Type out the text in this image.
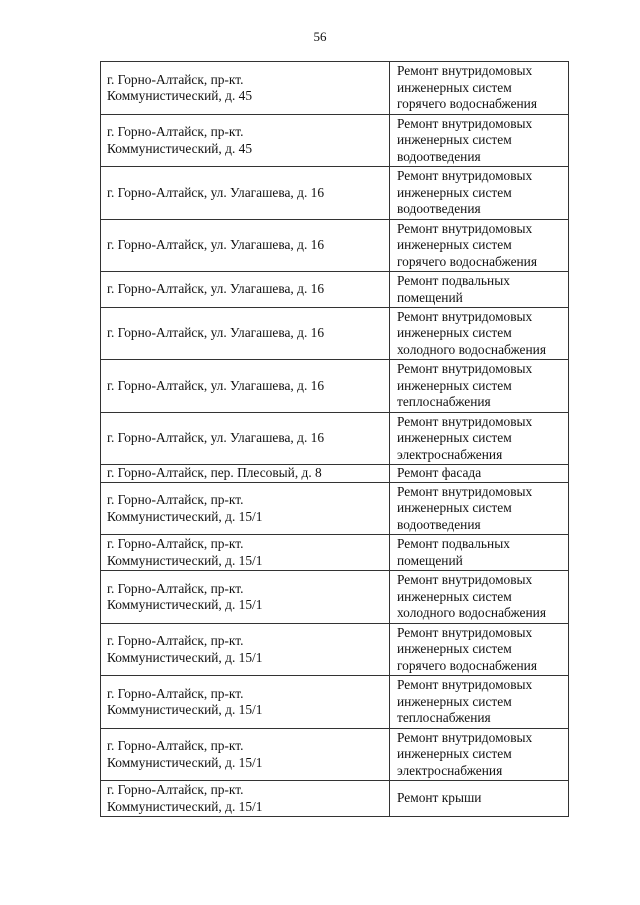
56
г. Горно-Алтайск, пр-кт.
Коммунистический, д. 45	Ремонт внутридомовых
инженерных систем
горячего водоснабжения
г. Горно-Алтайск, пр-кт.
Коммунистический, д. 45	Ремонт внутридомовых
инженерных систем
водоотведения
г. Горно-Алтайск, ул. Улагашева, д. 16	Ремонт внутридомовых
инженерных систем
водоотведения
г. Горно-Алтайск, ул. Улагашева, д. 16	Ремонт внутридомовых
инженерных систем
горячего водоснабжения
г. Горно-Алтайск, ул. Улагашева, д. 16	Ремонт подвальных
помещений
г. Горно-Алтайск, ул. Улагашева, д. 16	Ремонт внутридомовых
инженерных систем
холодного водоснабжения
г. Горно-Алтайск, ул. Улагашева, д. 16	Ремонт внутридомовых
инженерных систем
теплоснабжения
г. Горно-Алтайск, ул. Улагашева, д. 16	Ремонт внутридомовых
инженерных систем
электроснабжения
г. Горно-Алтайск, пер. Плесовый, д. 8	Ремонт фасада
г. Горно-Алтайск, пр-кт.
Коммунистический, д. 15/1	Ремонт внутридомовых
инженерных систем
водоотведения
г. Горно-Алтайск, пр-кт.
Коммунистический, д. 15/1	Ремонт подвальных
помещений
г. Горно-Алтайск, пр-кт.
Коммунистический, д. 15/1	Ремонт внутридомовых
инженерных систем
холодного водоснабжения
г. Горно-Алтайск, пр-кт.
Коммунистический, д. 15/1	Ремонт внутридомовых
инженерных систем
горячего водоснабжения
г. Горно-Алтайск, пр-кт.
Коммунистический, д. 15/1	Ремонт внутридомовых
инженерных систем
теплоснабжения
г. Горно-Алтайск, пр-кт.
Коммунистический, д. 15/1	Ремонт внутридомовых
инженерных систем
электроснабжения
г. Горно-Алтайск, пр-кт.
Коммунистический, д. 15/1	Ремонт крыши
